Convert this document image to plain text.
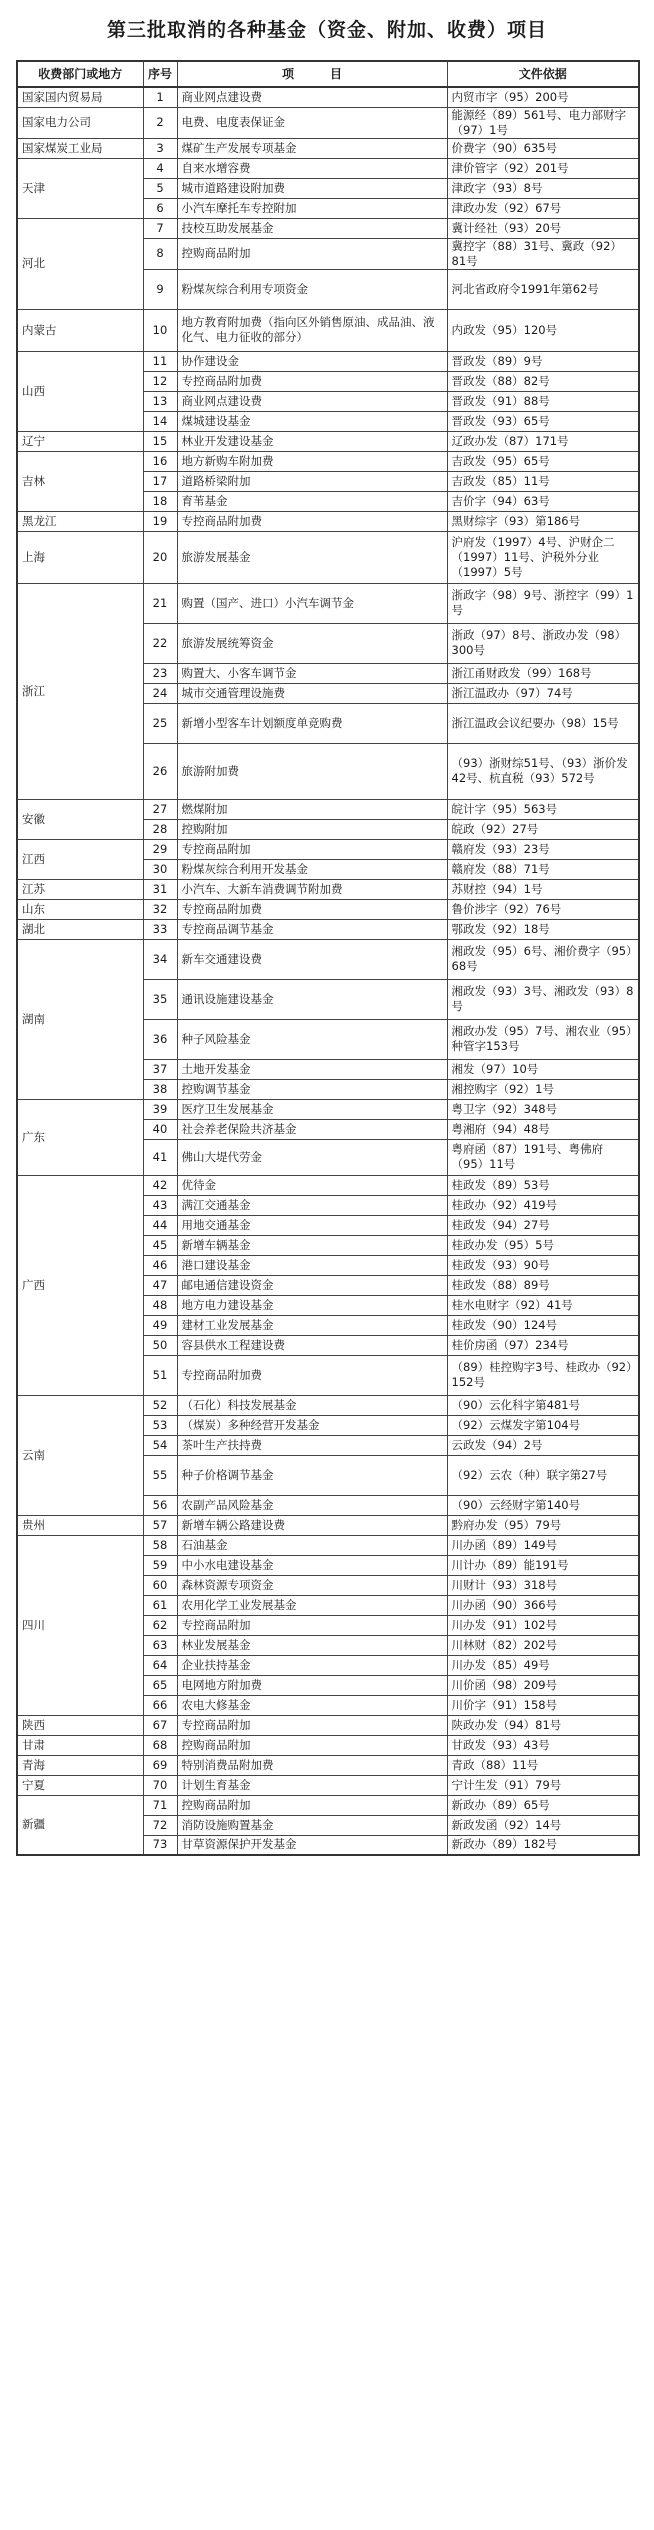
第三批取消的各种基金（资金、附加、收费）项目
收费部门或地方	序号	项　　　目	文件依据
国家国内贸易局	1	商业网点建设费	内贸市字（95）200号
国家电力公司	2	电费、电度表保证金	能源经（89）561号、电力部财字（97）1号
国家煤炭工业局	3	煤矿生产发展专项基金	价费字（90）635号
天津	4	自来水增容费	津价管字（92）201号
	5	城市道路建设附加费	津政字（93）8号
	6	小汽车摩托车专控附加	津政办发（92）67号
河北	7	技校互助发展基金	冀计经社（93）20号
	8	控购商品附加	冀控字（88）31号、冀政（92）81号
	9	粉煤灰综合利用专项资金	河北省政府令1991年第62号
内蒙古	10	地方教育附加费（指向区外销售原油、成品油、液化气、电力征收的部分）	内政发（95）120号
山西	11	协作建设金	晋政发（89）9号
	12	专控商品附加费	晋政发（88）82号
	13	商业网点建设费	晋政发（91）88号
	14	煤城建设基金	晋政发（93）65号
辽宁	15	林业开发建设基金	辽政办发（87）171号
吉林	16	地方新购车附加费	吉政发（95）65号
	17	道路桥梁附加	吉政发（85）11号
	18	育苇基金	吉价字（94）63号
黑龙江	19	专控商品附加费	黑财综字（93）第186号
上海	20	旅游发展基金	沪府发（1997）4号、沪财企二（1997）11号、沪税外分业（1997）5号
浙江	21	购置（国产、进口）小汽车调节金	浙政字（98）9号、浙控字（99）1号
	22	旅游发展统筹资金	浙政（97）8号、浙政办发（98）300号
	23	购置大、小客车调节金	浙江甬财政发（99）168号
	24	城市交通管理设施费	浙江温政办（97）74号
	25	新增小型客车计划额度单竞购费	浙江温政会议纪要办（98）15号
	26	旅游附加费	（93）浙财综51号、（93）浙价发42号、杭直税（93）572号
安徽	27	燃煤附加	皖计字（95）563号
	28	控购附加	皖政（92）27号
江西	29	专控商品附加	赣府发（93）23号
	30	粉煤灰综合利用开发基金	赣府发（88）71号
江苏	31	小汽车、大新车消费调节附加费	苏财控（94）1号
山东	32	专控商品附加费	鲁价涉字（92）76号
湖北	33	专控商品调节基金	鄂政发（92）18号
湖南	34	新车交通建设费	湘政发（95）6号、湘价费字（95）68号
	35	通讯设施建设基金	湘政发（93）3号、湘政发（93）8号
	36	种子风险基金	湘政办发（95）7号、湘农业（95）种管字153号
	37	土地开发基金	湘发（97）10号
	38	控购调节基金	湘控购字（92）1号
广东	39	医疗卫生发展基金	粤卫字（92）348号
	40	社会养老保险共济基金	粤湘府（94）48号
	41	佛山大堤代劳金	粤府函（87）191号、粤佛府（95）11号
广西	42	优待金	桂政发（89）53号
	43	满江交通基金	桂政办（92）419号
	44	用地交通基金	桂政发（94）27号
	45	新增车辆基金	桂政办发（95）5号
	46	港口建设基金	桂政发（93）90号
	47	邮电通信建设资金	桂政发（88）89号
	48	地方电力建设基金	桂水电财字（92）41号
	49	建材工业发展基金	桂政发（90）124号
	50	容县供水工程建设费	桂价房函（97）234号
	51	专控商品附加费	（89）桂控购字3号、桂政办（92）152号
云南	52	（石化）科技发展基金	（90）云化科字第481号
	53	（煤炭）多种经营开发基金	（92）云煤发字第104号
	54	茶叶生产扶持费	云政发（94）2号
	55	种子价格调节基金	（92）云农（种）联字第27号
	56	农副产品风险基金	（90）云经财字第140号
贵州	57	新增车辆公路建设费	黔府办发（95）79号
四川	58	石油基金	川办函（89）149号
	59	中小水电建设基金	川计办（89）能191号
	60	森林资源专项资金	川财计（93）318号
	61	农用化学工业发展基金	川办函（90）366号
	62	专控商品附加	川办发（91）102号
	63	林业发展基金	川林财（82）202号
	64	企业扶持基金	川办发（85）49号
	65	电网地方附加费	川价函（98）209号
	66	农电大修基金	川价字（91）158号
陕西	67	专控商品附加	陕政办发（94）81号
甘肃	68	控购商品附加	甘政发（93）43号
青海	69	特别消费品附加费	青政（88）11号
宁夏	70	计划生育基金	宁计生发（91）79号
新疆	71	控购商品附加	新政办（89）65号
	72	消防设施购置基金	新政发函（92）14号
	73	甘草资源保护开发基金	新政办（89）182号
